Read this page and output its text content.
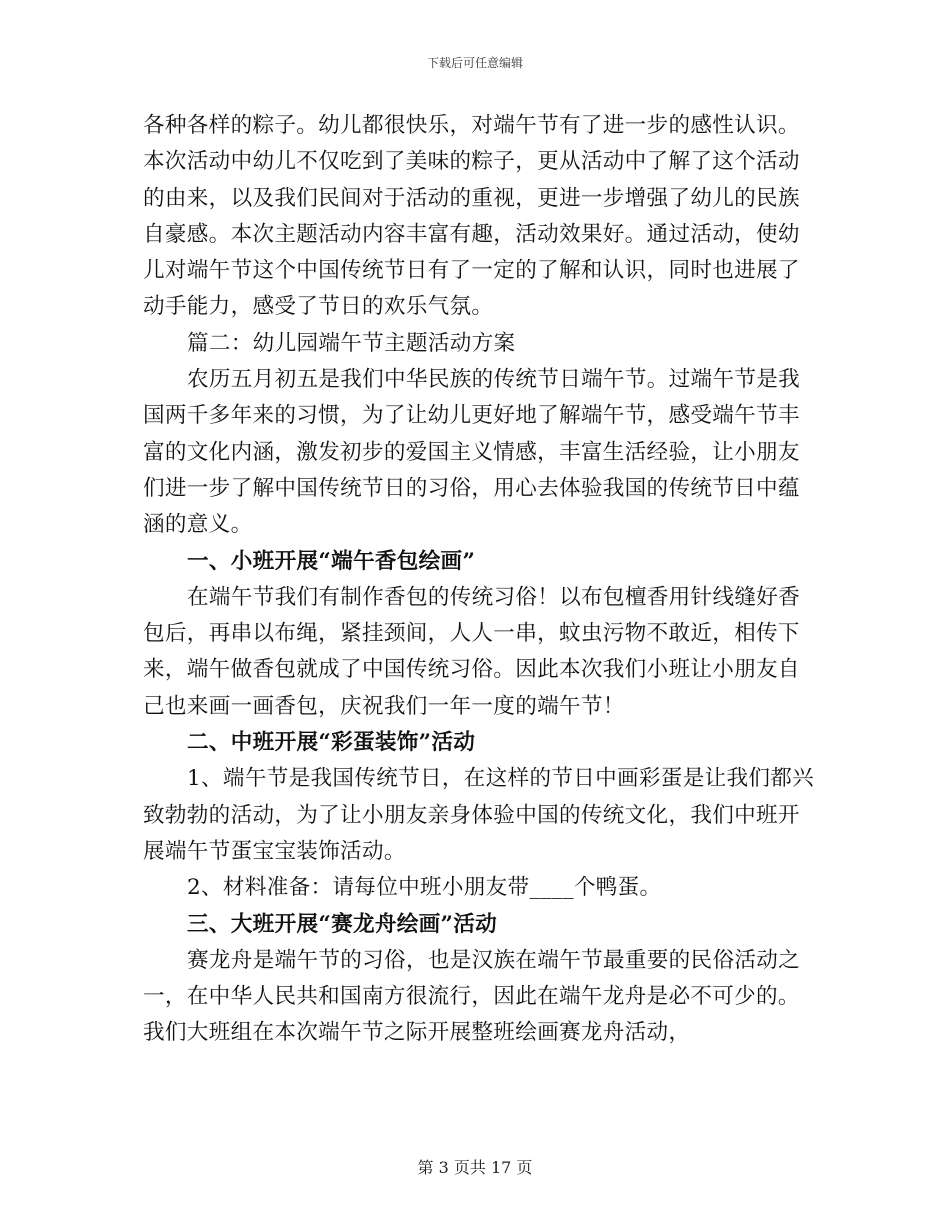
下载后可任意编辑
各种各样的粽子。幼儿都很快乐，对端午节有了进一步的感性认识。
本次活动中幼儿不仅吃到了美味的粽子，更从活动中了解了这个活动
的由来，以及我们民间对于活动的重视，更进一步增强了幼儿的民族
自豪感。本次主题活动内容丰富有趣，活动效果好。通过活动，使幼
儿对端午节这个中国传统节日有了一定的了解和认识，同时也进展了
动手能力，感受了节日的欢乐气氛。
篇二：幼儿园端午节主题活动方案
农历五月初五是我们中华民族的传统节日端午节。过端午节是我
国两千多年来的习惯，为了让幼儿更好地了解端午节，感受端午节丰
富的文化内涵，激发初步的爱国主义情感，丰富生活经验，让小朋友
们进一步了解中国传统节日的习俗，用心去体验我国的传统节日中蕴
涵的意义。
一、小班开展“端午香包绘画”
在端午节我们有制作香包的传统习俗！以布包檀香用针线缝好香
包后，再串以布绳，紧挂颈间，人人一串，蚊虫污物不敢近，相传下
来，端午做香包就成了中国传统习俗。因此本次我们小班让小朋友自
己也来画一画香包，庆祝我们一年一度的端午节！
二、中班开展“彩蛋装饰”活动
1、端午节是我国传统节日，在这样的节日中画彩蛋是让我们都兴
致勃勃的活动，为了让小朋友亲身体验中国的传统文化，我们中班开
展端午节蛋宝宝装饰活动。
2、材料准备：请每位中班小朋友带____个鸭蛋。
三、大班开展“赛龙舟绘画”活动
赛龙舟是端午节的习俗，也是汉族在端午节最重要的民俗活动之
一，在中华人民共和国南方很流行，因此在端午龙舟是必不可少的。
我们大班组在本次端午节之际开展整班绘画赛龙舟活动，
第 3 页共 17 页
